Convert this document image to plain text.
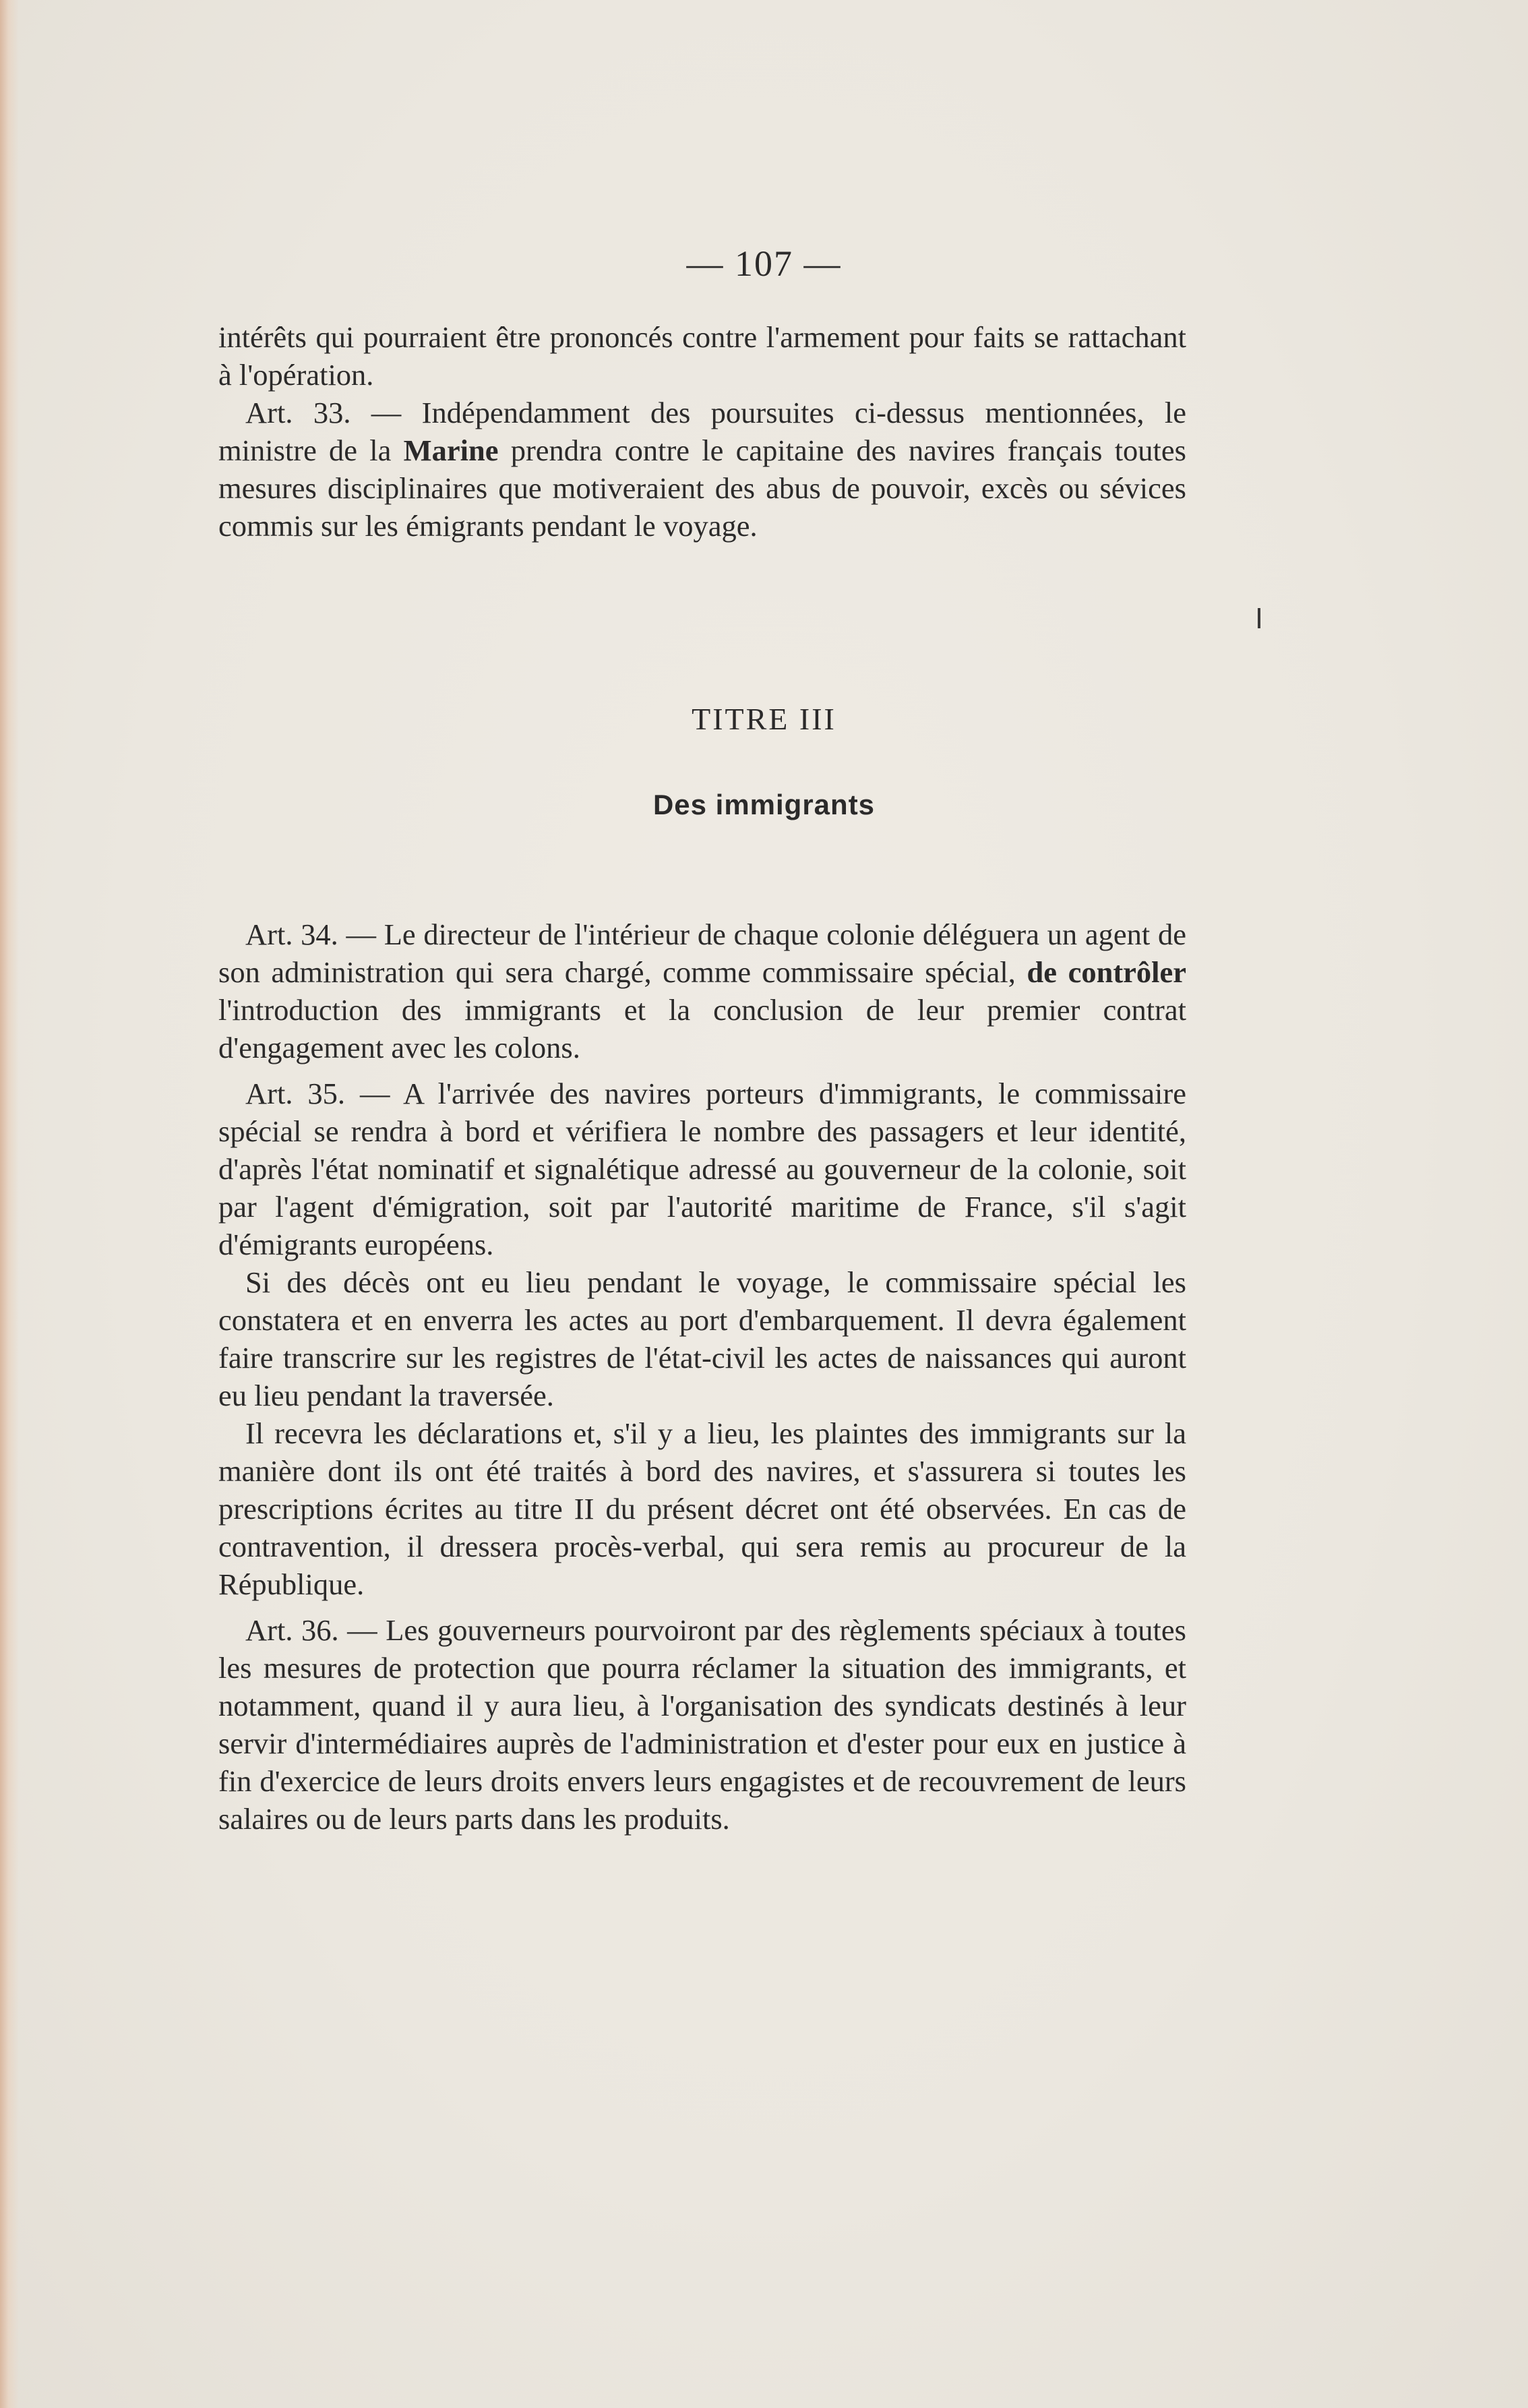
— 107 —

intérêts qui pourraient être prononcés contre l'armement pour faits se rattachant à l'opération.

Art. 33. — Indépendamment des poursuites ci-dessus mentionnées, le ministre de la Marine prendra contre le capitaine des navires français toutes mesures disciplinaires que motiveraient des abus de pouvoir, excès ou sévices commis sur les émigrants pendant le voyage.

TITRE III
Des immigrants

Art. 34. — Le directeur de l'intérieur de chaque colonie déléguera un agent de son administration qui sera chargé, comme commissaire spécial, de contrôler l'introduction des immigrants et la conclusion de leur premier contrat d'engagement avec les colons.

Art. 35. — A l'arrivée des navires porteurs d'immigrants, le commissaire spécial se rendra à bord et vérifiera le nombre des passagers et leur identité, d'après l'état nominatif et signalétique adressé au gouverneur de la colonie, soit par l'agent d'émigration, soit par l'autorité maritime de France, s'il s'agit d'émigrants européens.

Si des décès ont eu lieu pendant le voyage, le commissaire spécial les constatera et en enverra les actes au port d'embarquement. Il devra également faire transcrire sur les registres de l'état-civil les actes de naissances qui auront eu lieu pendant la traversée.

Il recevra les déclarations et, s'il y a lieu, les plaintes des immigrants sur la manière dont ils ont été traités à bord des navires, et s'assurera si toutes les prescriptions écrites au titre II du présent décret ont été observées. En cas de contravention, il dressera procès-verbal, qui sera remis au procureur de la République.

Art. 36. — Les gouverneurs pourvoiront par des règlements spéciaux à toutes les mesures de protection que pourra réclamer la situation des immigrants, et notamment, quand il y aura lieu, à l'organisation des syndicats destinés à leur servir d'intermédiaires auprès de l'administration et d'ester pour eux en justice à fin d'exercice de leurs droits envers leurs engagistes et de recouvrement de leurs salaires ou de leurs parts dans les produits.
